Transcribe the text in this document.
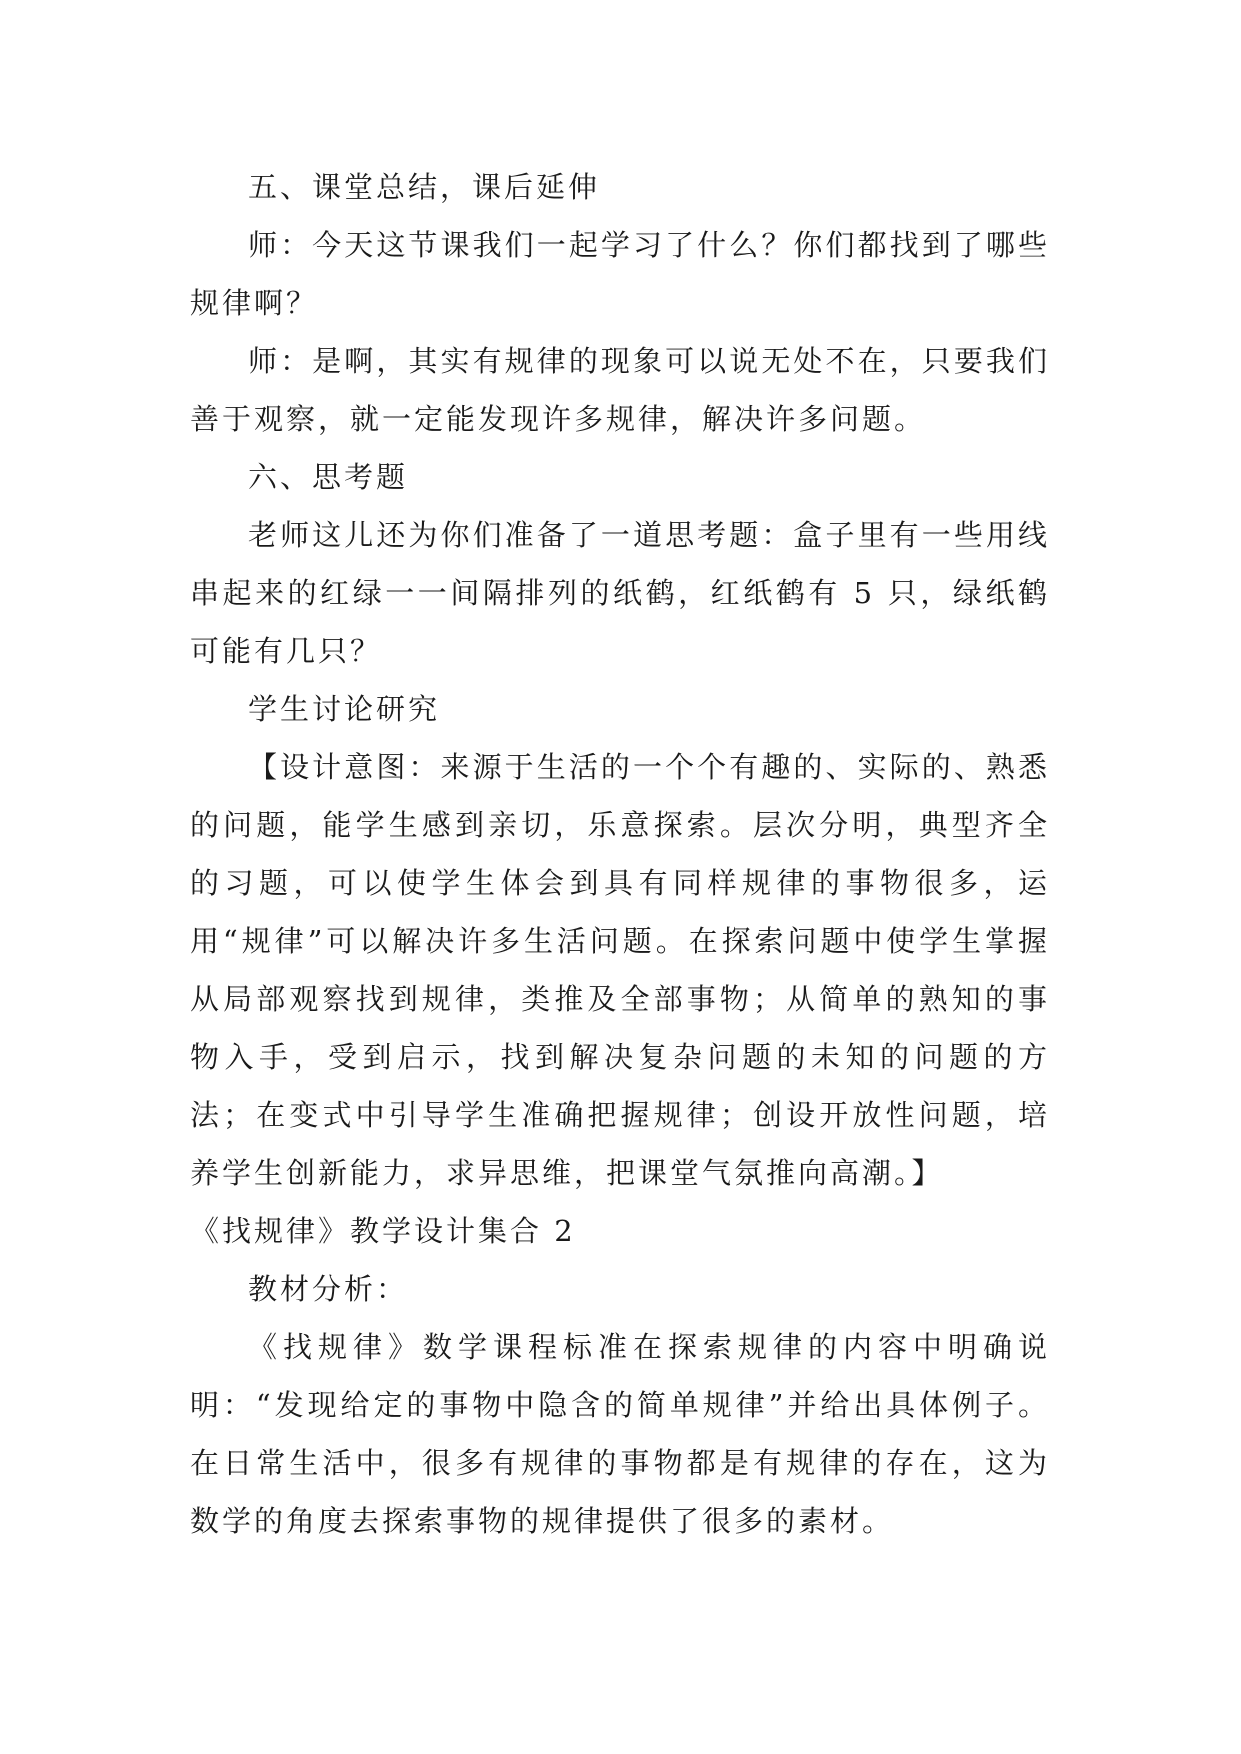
五、课堂总结，课后延伸

师：今天这节课我们一起学习了什么？你们都找到了哪些规律啊？

师：是啊，其实有规律的现象可以说无处不在，只要我们善于观察，就一定能发现许多规律，解决许多问题。

六、思考题

老师这儿还为你们准备了一道思考题：盒子里有一些用线串起来的红绿一一间隔排列的纸鹤，红纸鹤有 5 只，绿纸鹤可能有几只？

学生讨论研究

【设计意图：来源于生活的一个个有趣的、实际的、熟悉的问题，能学生感到亲切，乐意探索。层次分明，典型齐全的习题，可以使学生体会到具有同样规律的事物很多，运用“规律”可以解决许多生活问题。在探索问题中使学生掌握从局部观察找到规律，类推及全部事物；从简单的熟知的事物入手，受到启示，找到解决复杂问题的未知的问题的方法；在变式中引导学生准确把握规律；创设开放性问题，培养学生创新能力，求异思维，把课堂气氛推向高潮。】

《找规律》教学设计集合 2

教材分析：

《找规律》数学课程标准在探索规律的内容中明确说明：“发现给定的事物中隐含的简单规律”并给出具体例子。在日常生活中，很多有规律的事物都是有规律的存在，这为数学的角度去探索事物的规律提供了很多的素材。
